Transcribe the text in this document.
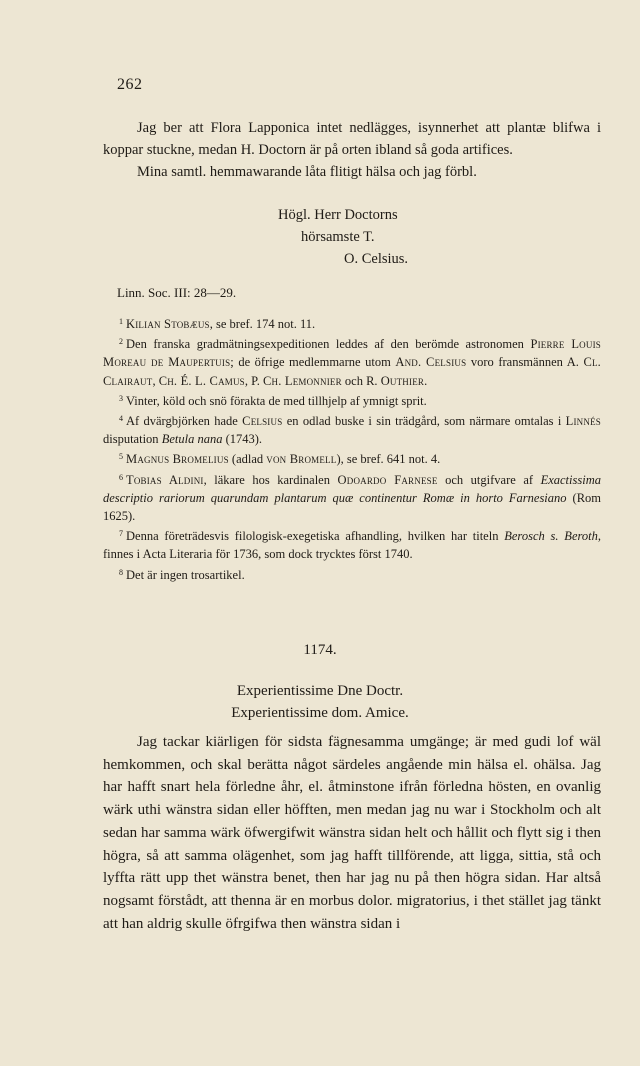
262

Jag ber att Flora Lapponica intet nedlägges, isynnerhet att plantæ blifwa i koppar stuckne, medan H. Doctorn är på orten ibland så goda artifices.

Mina samtl. hemmawarande låta flitigt hälsa och jag förbl.

Högl. Herr Doctorns
hörsamste T.
O. Celsius.
Linn. Soc. III: 28—29.

$^1$ Kilian Stobæus, se bref. 174 not. 11.

$^2$ Den franska gradmätningsexpeditionen leddes af den berömde astronomen Pierre Louis Moreau de Maupertuis; de öfrige medlemmarne utom And. Celsius voro fransmännen A. Cl. Clairaut, Ch. É. L. Camus, P. Ch. Lemonnier och R. Outhier.

$^3$ Vinter, köld och snö förakta de med tillhjelp af ymnigt sprit.

$^4$ Af dvärgbjörken hade Celsius en odlad buske i sin trädgård, som närmare omtalas i Linnés disputation Betula nana (1743).

$^5$ Magnus Bromelius (adlad von Bromell), se bref. 641 not. 4.

$^6$ Tobias Aldini, läkare hos kardinalen Odoardo Farnese och utgifvare af Exactissima descriptio rariorum quarundam plantarum quæ continentur Romæ in horto Farnesiano (Rom 1625).

$^7$ Denna företrädesvis filologisk-exegetiska afhandling, hvilken har titeln Berosch s. Beroth, finnes i Acta Literaria för 1736, som dock trycktes först 1740.

$^8$ Det är ingen trosartikel.

1174.
Experientissime Dne Doctr.
Experientissime dom. Amice.

Jag tackar kiärligen för sidsta fägnesamma umgänge; är med gudi lof wäl hemkommen, och skal berätta något särdeles angående min hälsa el. ohälsa. Jag har hafft snart hela förledne åhr, el. åtminstone ifrån förledna hösten, en ovanlig wärk uthi wänstra sidan eller höfften, men medan jag nu war i Stockholm och alt sedan har samma wärk öfwergifwit wänstra sidan helt och hållit och flytt sig i then högra, så att samma olägenhet, som jag hafft tillförende, att ligga, sittia, stå och lyffta rätt upp thet wänstra benet, then har jag nu på then högra sidan. Har altså nogsamt förstådt, att thenna är en morbus dolor. migratorius, i thet stället jag tänkt att han aldrig skulle öfrgifwa then wänstra sidan i
